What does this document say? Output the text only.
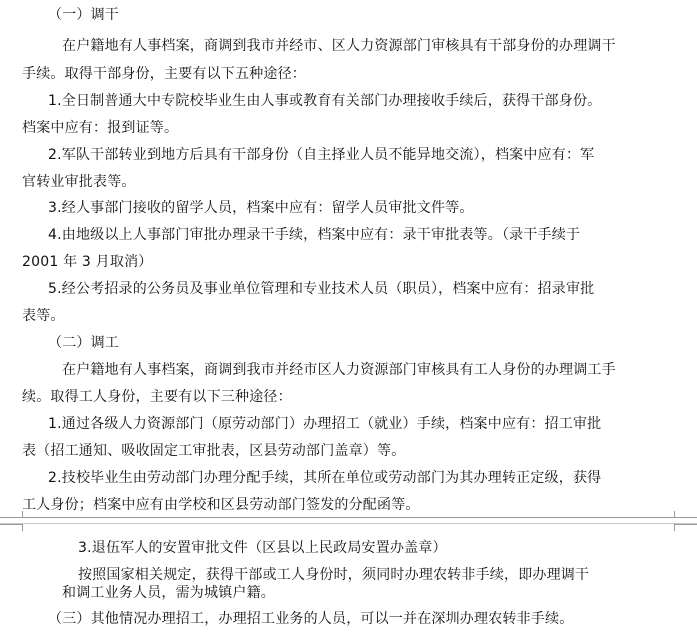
（一）调干
在户籍地有人事档案，商调到我市并经市、区人力资源部门审核具有干部身份的办理调干
手续。取得干部身份，主要有以下五种途径：
1.全日制普通大中专院校毕业生由人事或教育有关部门办理接收手续后，获得干部身份。
档案中应有：报到证等。
2.军队干部转业到地方后具有干部身份（自主择业人员不能异地交流），档案中应有：军
官转业审批表等。
3.经人事部门接收的留学人员，档案中应有：留学人员审批文件等。
4.由地级以上人事部门审批办理录干手续，档案中应有：录干审批表等。（录干手续于
2001 年 3 月取消）
5.经公考招录的公务员及事业单位管理和专业技术人员（职员），档案中应有：招录审批
表等。
（二）调工
在户籍地有人事档案，商调到我市并经市区人力资源部门审核具有工人身份的办理调工手
续。取得工人身份，主要有以下三种途径：
1.通过各级人力资源部门（原劳动部门）办理招工（就业）手续，档案中应有：招工审批
表（招工通知、吸收固定工审批表，区县劳动部门盖章）等。
2.技校毕业生由劳动部门办理分配手续，其所在单位或劳动部门为其办理转正定级，获得
工人身份；档案中应有由学校和区县劳动部门签发的分配函等。
3.退伍军人的安置审批文件（区县以上民政局安置办盖章）
按照国家相关规定，获得干部或工人身份时，须同时办理农转非手续，即办理调干
和调工业务人员，需为城镇户籍。
（三）其他情况办理招工，办理招工业务的人员，可以一并在深圳办理农转非手续。
